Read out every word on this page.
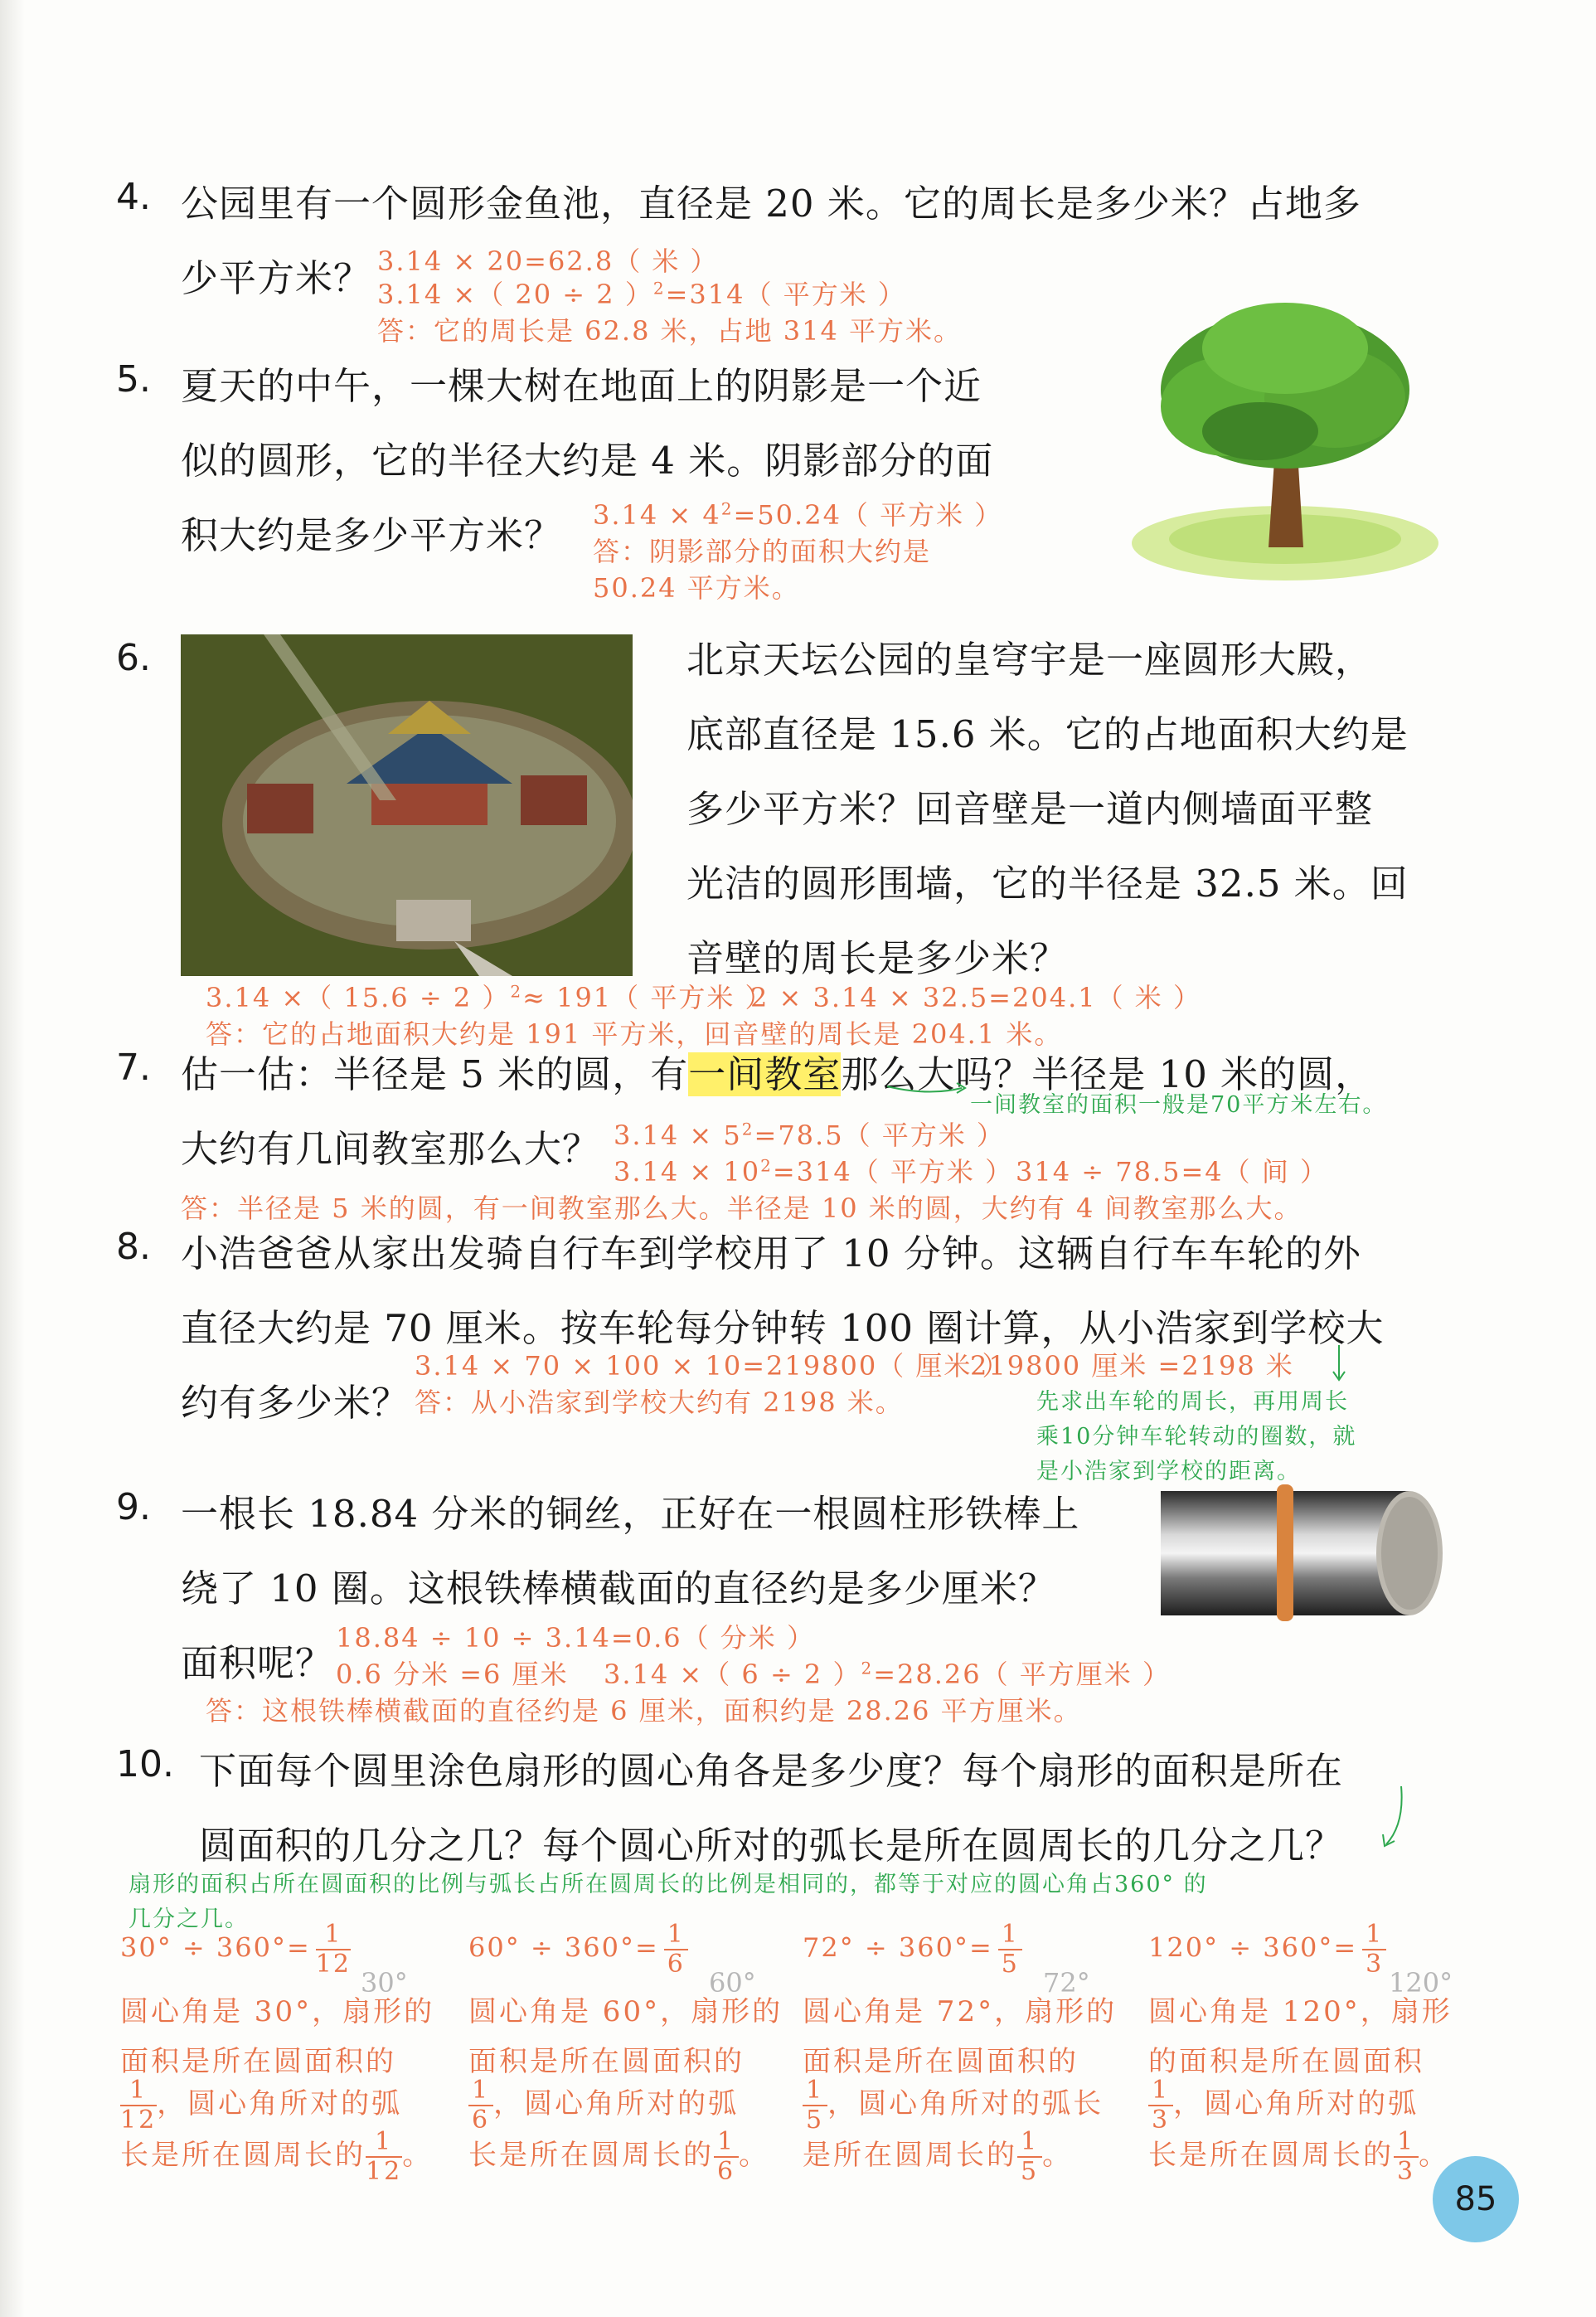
4. 公园里有一个圆形金鱼池，直径是 20 米。它的周长是多少米？占地多
少平方米？ 3.14 × 20=62.8（ 米 ）
3.14 ×（ 20 ÷ 2 ）$^2$=314（ 平方米 ）
答：它的周长是 62.8 米，占地 314 平方米。
5. 夏天的中午，一棵大树在地面上的阴影是一个近
似的圆形，它的半径大约是 4 米。阴影部分的面
积大约是多少平方米？ $3.14 \times 4^2=50.24$（ 平方米 ）
答：阴影部分的面积大约是
50.24 平方米。
6.	北京天坛公园的皇穹宇是一座圆形大殿，
底部直径是 15.6 米。它的占地面积大约是
多少平方米？回音壁是一道内侧墙面平整
光洁的圆形围墙，它的半径是 32.5 米。回
音壁的周长是多少米？
3.14 ×（ 15.6 ÷ 2 ）$^2$≈ 191（ 平方米 ）
2 × 3.14 × 32.5=204.1（ 米 ）
答：它的占地面积大约是 191 平方米，回音壁的周长是 204.1 米。
7. 估一估：半径是 5 米的圆，有一间教室那么大吗？半径是 10 米的圆，
一间教室的面积一般是70平方米左右。
大约有几间教室那么大？ $3.14 \times 5^2=78.5$（ 平方米 ）
$3.14 \times 10^2=314$（ 平方米 ） 314 ÷ 78.5=4（ 间 ）
答：半径是 5 米的圆，有一间教室那么大。半径是 10 米的圆，大约有 4 间教室那么大。
8. 小浩爸爸从家出发骑自行车到学校用了 10 分钟。这辆自行车车轮的外
直径大约是 70 厘米。按车轮每分钟转 100 圈计算，从小浩家到学校大
3.14 × 70 × 100 × 10=219800（ 厘米 ）
219800 厘米 =2198 米
约有多少米？ 答：从小浩家到学校大约有 2198 米。	先求出车轮的周长，再用周长
乘10分钟车轮转动的圈数，就
是小浩家到学校的距离。
9. 一根长 18.84 分米的铜丝，正好在一根圆柱形铁棒上
绕了 10 圈。这根铁棒横截面的直径约是多少厘米？
面积呢？
18.84 ÷ 10 ÷ 3.14=0.6（ 分米 ）
0.6 分米 =6 厘米 3.14 ×（ 6 ÷ 2 ）$^2$=28.26（ 平方厘米 ）
答：这根铁棒横截面的直径约是 6 厘米，面积约是 28.26 平方厘米。
10. 下面每个圆里涂色扇形的圆心角各是多少度？每个扇形的面积是所在
圆面积的几分之几？每个圆心所对的弧长是所在圆周长的几分之几？
扇形的面积占所在圆面积的比例与弧长占所在圆周长的比例是相同的，都等于对应的圆心角占360° 的
几分之几。
$30^\circ \div 360^\circ= \frac{1}{12}$
30°
圆心角是 30°，扇形的
面积是所在圆面积的
$\frac{1}{12}$ ，圆心角所对的弧
长是所在圆周长的 $\frac{1}{12}$ 。
$60^\circ \div 360^\circ= \frac{1}{6}$
60°
圆心角是 60°，扇形的
面积是所在圆面积的
$\frac{1}{6}$ ，圆心角所对的弧
长是所在圆周长的 $\frac{1}{6}$ 。
$72^\circ \div 360^\circ= \frac{1}{5}$
72°
圆心角是 72°，扇形的
面积是所在圆面积的
$\frac{1}{5}$ ，圆心角所对的弧长
是所在圆周长的 $\frac{1}{5}$ 。
$120^\circ \div 360^\circ= \frac{1}{3}$
120°
圆心角是 120°，扇形
的面积是所在圆面积
$\frac{1}{3}$ ，圆心角所对的弧
长是所在圆周长的 $\frac{1}{3}$ 。
85
